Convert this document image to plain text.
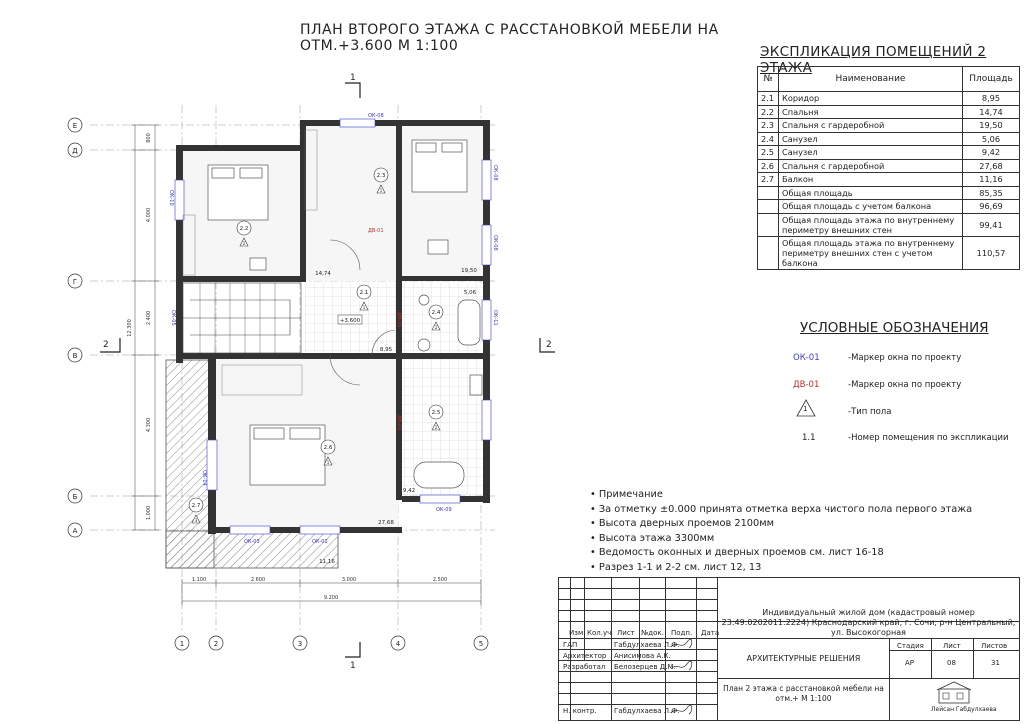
ПЛАН ВТОРОГО ЭТАЖА С РАССТАНОВКОЙ МЕБЕЛИ НА ОТМ.+3.600 М 1:100
Е
Д
Г
В
Б
А
1	2	3	4	5
800
4.000
2.400
4.300
1.000
12.300
1.100	2.600	3.000	2.500
9.200
1
1
2	2
2.2
2
14,74
2.3
1
19,50
2.1
1
8,95
2.4
2
5,06
2.5
2
9,42
2.6
1
27,68
2.7
3
11,16
+3.600
ОК-08
ОК-08
ОК-10
ОК-05
ОК-08
ОК-11
ОК-14
ОК-09
ОК-03	ОК-02
ДВ-01
ДВ-01
ДВ-01
ЭКСПЛИКАЦИЯ ПОМЕЩЕНИЙ 2 ЭТАЖА
№	Наименование	Площадь
2.1	Коридор	8,95
2.2	Спальня	14,74
2.3	Спальня с гардеробной	19,50
2.4	Санузел	5,06
2.5	Санузел	9,42
2.6	Спальня с гардеробной	27,68
2.7	Балкон	11,16
	Общая площадь	85,35
	Общая площадь с учетом балкона	96,69
	Общая площадь этажа по внутреннему периметру внешних стен	99,41
	Общая площадь этажа по внутреннему периметру внешних стен с учетом балкона	110,57
УСЛОВНЫЕ ОБОЗНАЧЕНИЯ
ОК-01	-Маркер окна по проекту
ДВ-01	-Маркер окна по проекту
1	-Тип пола
1.1	-Номер помещения по экспликации
• Примечание
• За отметку ±0.000 принята отметка верха чистого пола первого этажа
• Высота дверных проемов 2100мм
• Высота этажа 3300мм
• Ведомость оконных и дверных проемов см. лист 16-18
• Разрез 1-1 и 2-2 см. лист 12, 13
Изм. Кол.уч Лист №док. Подп. Дата
ГАП	Габдулхаева Л.Ф.
Архитектор Анисимова А.К.
Разработал Белозерцев Д.М.
Н. контр. Габдулхаева Л.Ф.
Индивидуальный жилой дом (кадастровый номер 23:49:0202011:2224) Краснодарский край, г. Сочи, р-н Центральный, ул. Высокогорная
АРХИТЕКТУРНЫЕ РЕШЕНИЯ
План 2 этажа с расстановкой мебели на отм.+ М 1:100
Стадия	Лист	Листов
АР	08	31
Лейсан Габдулхаева
